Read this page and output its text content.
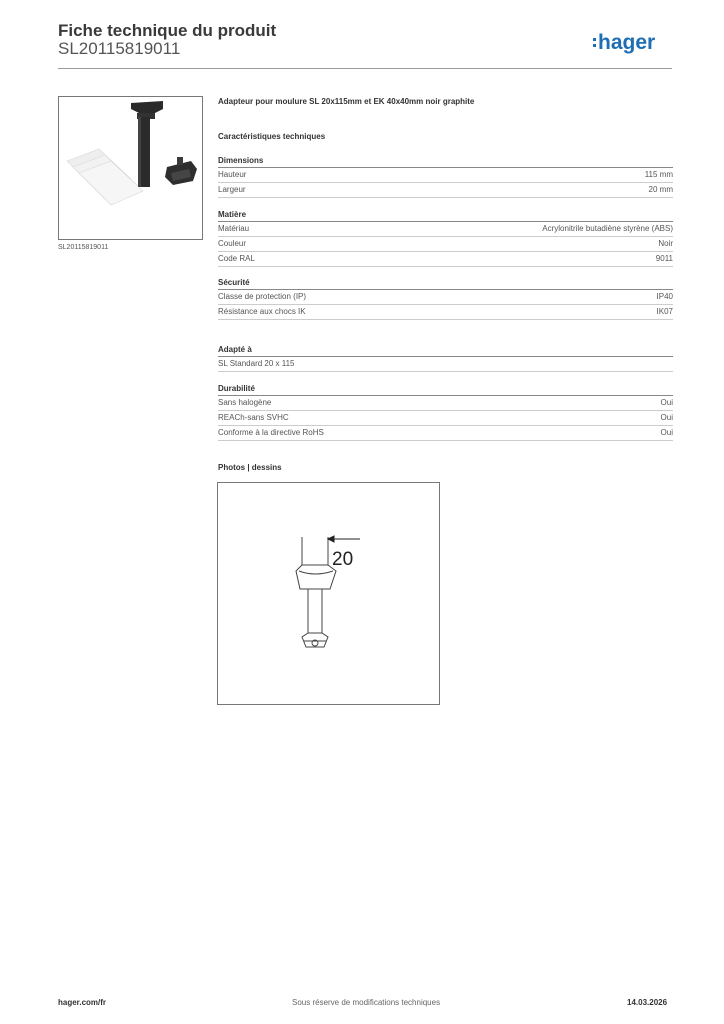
Fiche technique du produit
SL20115819011	hager
SL20115819011
Adapteur pour moulure SL 20x115mm et EK 40x40mm noir graphite
Caractéristiques techniques
Dimensions
Hauteur	115 mm
Largeur	20 mm
Matière
Matériau	Acrylonitrile butadiène styrène (ABS)
Couleur	Noir
Code RAL	9011
Sécurité
Classe de protection (IP)	IP40
Résistance aux chocs IK	IK07
Adapté à
SL Standard 20 x 115
Durabilité
Sans halogène	Oui
REACh-sans SVHC	Oui
Conforme à la directive RoHS	Oui
Photos | dessins
20
hager.com/fr	Sous réserve de modifications techniques	14.03.2026
